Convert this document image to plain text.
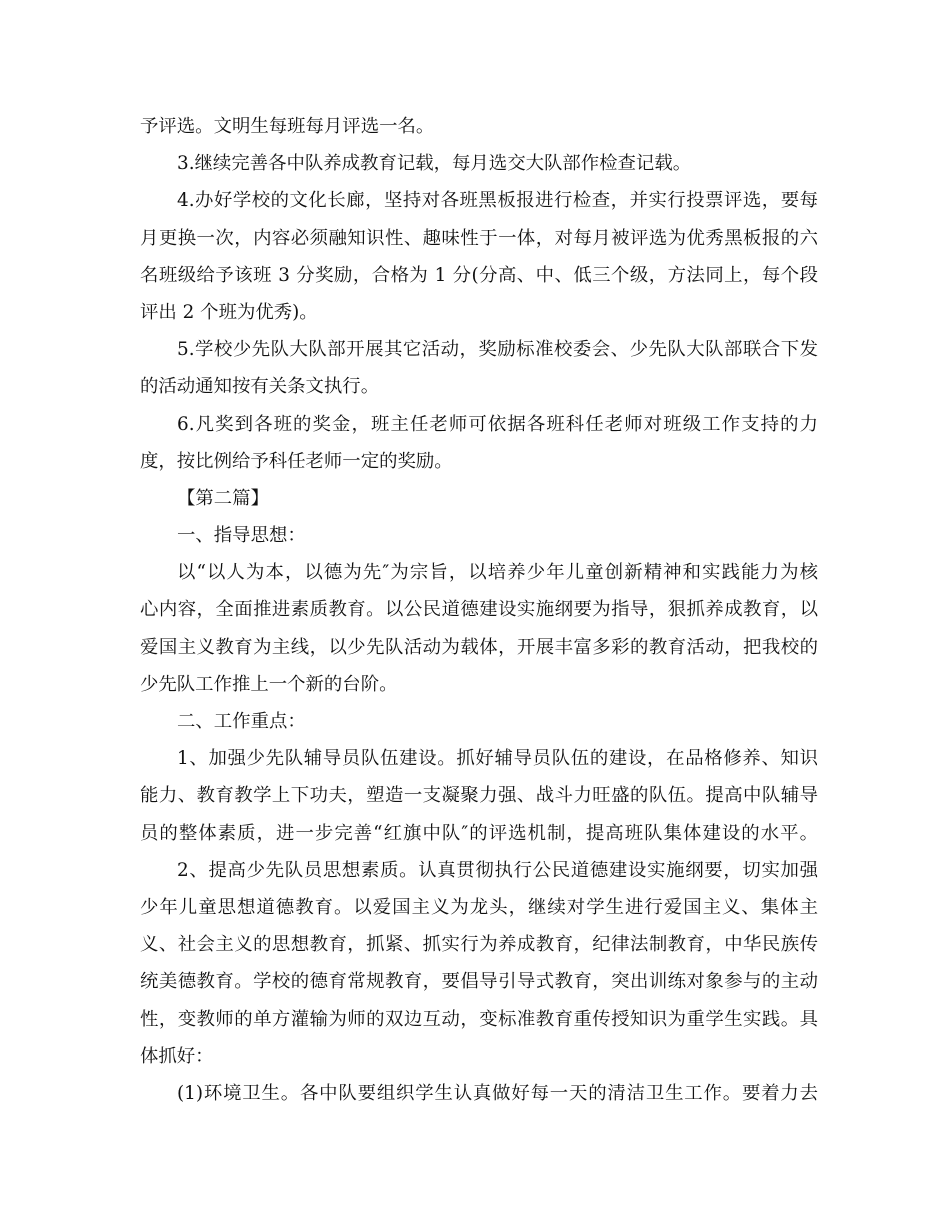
予评选。文明生每班每月评选一名。
3.继续完善各中队养成教育记载，每月选交大队部作检查记载。
4.办好学校的文化长廊，坚持对各班黑板报进行检查，并实行投票评选，要每
月更换一次，内容必须融知识性、趣味性于一体，对每月被评选为优秀黑板报的六
名班级给予该班 3 分奖励，合格为 1 分(分高、中、低三个级，方法同上，每个段
评出 2 个班为优秀)。
5.学校少先队大队部开展其它活动，奖励标准校委会、少先队大队部联合下发
的活动通知按有关条文执行。
6.凡奖到各班的奖金，班主任老师可依据各班科任老师对班级工作支持的力
度，按比例给予科任老师一定的奖励。
【第二篇】
一、指导思想：
以“以人为本，以德为先″为宗旨，以培养少年儿童创新精神和实践能力为核
心内容，全面推进素质教育。以公民道德建设实施纲要为指导，狠抓养成教育，以
爱国主义教育为主线，以少先队活动为载体，开展丰富多彩的教育活动，把我校的
少先队工作推上一个新的台阶。
二、工作重点：
1、加强少先队辅导员队伍建设。抓好辅导员队伍的建设，在品格修养、知识
能力、教育教学上下功夫，塑造一支凝聚力强、战斗力旺盛的队伍。提高中队辅导
员的整体素质，进一步完善“红旗中队″的评选机制，提高班队集体建设的水平。
2、提高少先队员思想素质。认真贯彻执行公民道德建设实施纲要，切实加强
少年儿童思想道德教育。以爱国主义为龙头，继续对学生进行爱国主义、集体主
义、社会主义的思想教育，抓紧、抓实行为养成教育，纪律法制教育，中华民族传
统美德教育。学校的德育常规教育，要倡导引导式教育，突出训练对象参与的主动
性，变教师的单方灌输为师的双边互动，变标准教育重传授知识为重学生实践。具
体抓好：
(1)环境卫生。各中队要组织学生认真做好每一天的清洁卫生工作。要着力去
